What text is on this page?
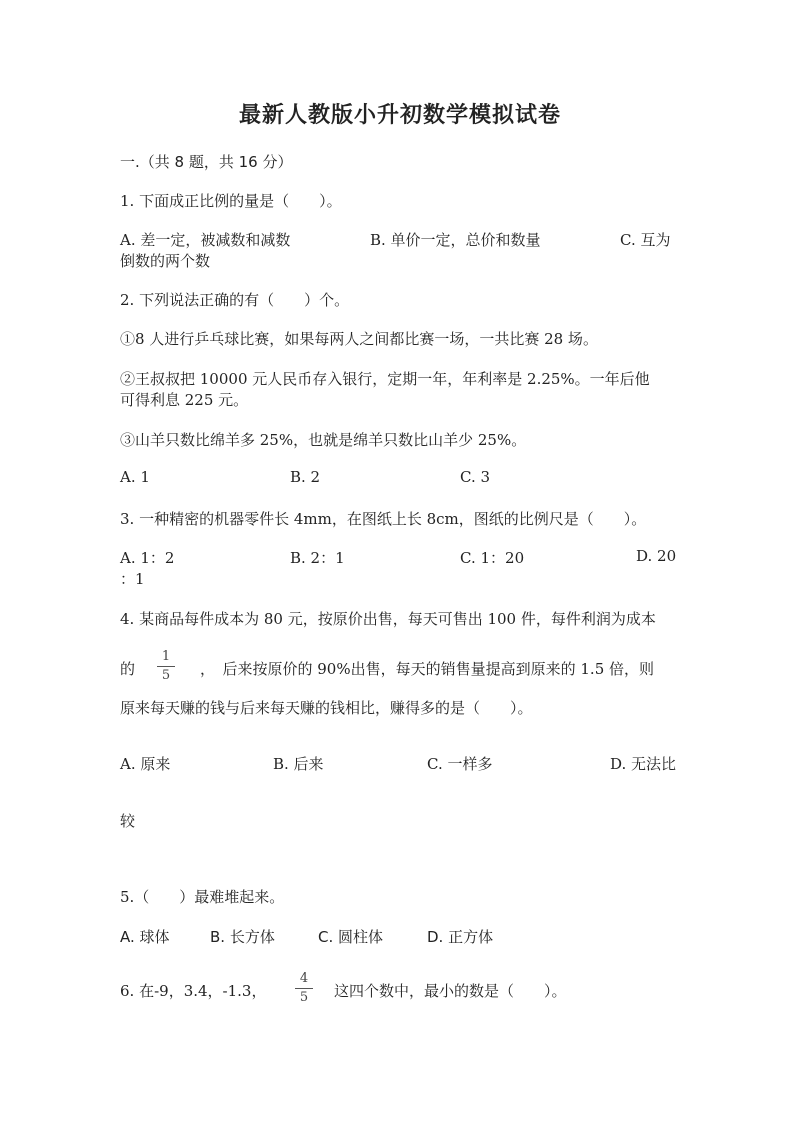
最新人教版小升初数学模拟试卷
一.（共 8 题，共 16 分）
1. 下面成正比例的量是（　　）。
A. 差一定，被减数和减数	B. 单价一定，总价和数量	C. 互为
倒数的两个数
2. 下列说法正确的有（　　）个。
①8 人进行乒乓球比赛，如果每两人之间都比赛一场，一共比赛 28 场。
②王叔叔把 10000 元人民币存入银行，定期一年，年利率是 2.25%。一年后他
可得利息 225 元。
③山羊只数比绵羊多 25%，也就是绵羊只数比山羊少 25%。
A. 1	B. 2	C. 3
3. 一种精密的机器零件长 4mm，在图纸上长 8cm，图纸的比例尺是（　　）。
A. 1：2	B. 2：1	C. 1：20	D. 20
：1
4. 某商品每件成本为 80 元，按原价出售，每天可售出 100 件，每件利润为成本
的
1
5	，　后来按原价的 90%出售，每天的销售量提高到原来的 1.5 倍，则
原来每天赚的钱与后来每天赚的钱相比，赚得多的是（　　）。
A. 原来	B. 后来	C. 一样多	D. 无法比
较
5.（　　）最难堆起来。
A. 球体	B. 长方体	C. 圆柱体	D. 正方体
6. 在-9，3.4，-1.3，
4
5	这四个数中，最小的数是（　　）。
